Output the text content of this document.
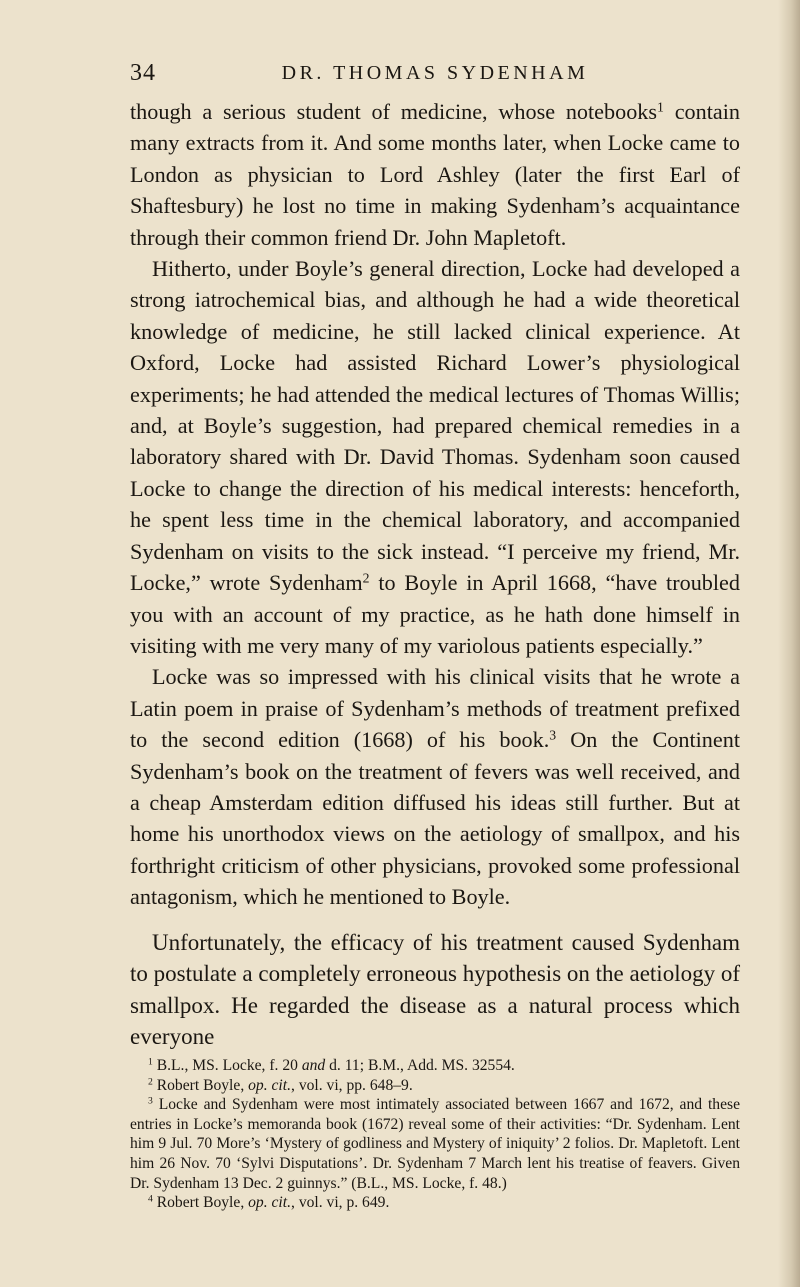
34	DR. THOMAS SYDENHAM

though a serious student of medicine, whose notebooks$^1$ contain many extracts from it. And some months later, when Locke came to London as physician to Lord Ashley (later the first Earl of Shaftesbury) he lost no time in making Sydenham’s acquaintance through their common friend Dr. John Mapletoft.

Hitherto, under Boyle’s general direction, Locke had developed a strong iatrochemical bias, and although he had a wide theoretical knowledge of medicine, he still lacked clinical experience. At Oxford, Locke had assisted Richard Lower’s physiological experiments; he had attended the medical lectures of Thomas Willis; and, at Boyle’s suggestion, had prepared chemical remedies in a laboratory shared with Dr. David Thomas. Sydenham soon caused Locke to change the direction of his medical interests: henceforth, he spent less time in the chemical laboratory, and accompanied Sydenham on visits to the sick instead. “I perceive my friend, Mr. Locke,” wrote Sydenham$^2$ to Boyle in April 1668, “have troubled you with an account of my practice, as he hath done himself in visiting with me very many of my variolous patients especially.”

Locke was so impressed with his clinical visits that he wrote a Latin poem in praise of Sydenham’s methods of treatment prefixed to the second edition (1668) of his book.$^3$ On the Continent Sydenham’s book on the treatment of fevers was well received, and a cheap Amsterdam edition diffused his ideas still further. But at home his unorthodox views on the aetiology of smallpox, and his forthright criticism of other physicians, provoked some professional antagonism, which he mentioned to Boyle.

Unfortunately, the efficacy of his treatment caused Sydenham to postulate a completely erroneous hypothesis on the aetiology of smallpox. He regarded the disease as a natural process which everyone

$^1$ B.L., MS. Locke, f. 20 and d. 11; B.M., Add. MS. 32554.

$^2$ Robert Boyle, op. cit., vol. vi, pp. 648–9.

$^3$ Locke and Sydenham were most intimately associated between 1667 and 1672, and these entries in Locke’s memoranda book (1672) reveal some of their activities: “Dr. Sydenham. Lent him 9 Jul. 70 More’s ‘Mystery of godliness and Mystery of iniquity’ 2 folios. Dr. Mapletoft. Lent him 26 Nov. 70 ‘Sylvi Disputations’. Dr. Sydenham 7 March lent his treatise of feavers. Given Dr. Sydenham 13 Dec. 2 guinnys.” (B.L., MS. Locke, f. 48.)

$^4$ Robert Boyle, op. cit., vol. vi, p. 649.
